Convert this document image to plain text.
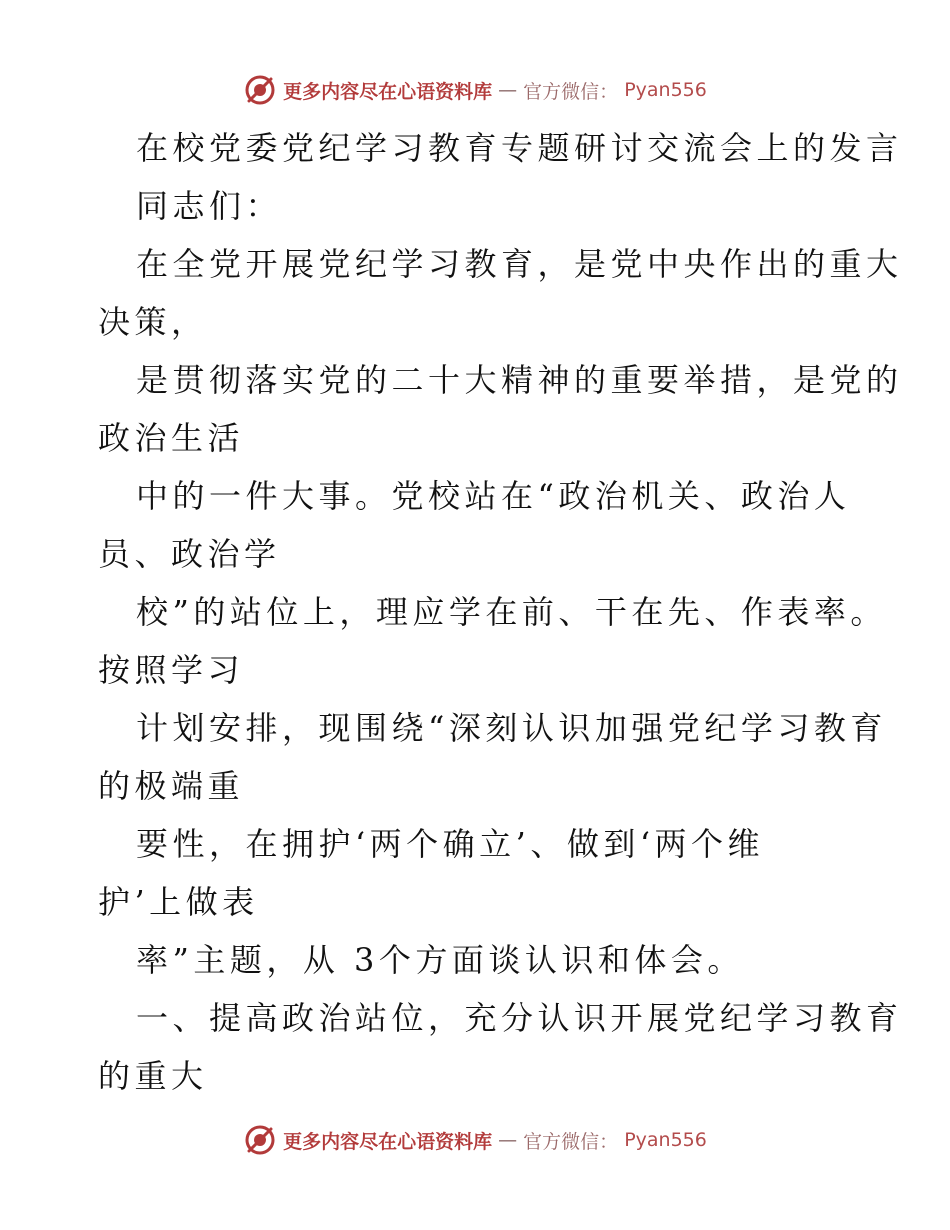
更多内容尽在心语资料库 — 官方微信： Pyan556
在校党委党纪学习教育专题研讨交流会上的发言
同志们：
在全党开展党纪学习教育，是党中央作出的重大
决策，
是贯彻落实党的二十大精神的重要举措，是党的
政治生活
中的一件大事。党校站在“政治机关、政治人
员、政治学
校”的站位上，理应学在前、干在先、作表率。
按照学习
计划安排，现围绕“深刻认识加强党纪学习教育
的极端重
要性，在拥护‘两个确立’、做到‘两个维
护’上做表
率”主题，从 3个方面谈认识和体会。
一、提高政治站位，充分认识开展党纪学习教育
的重大
更多内容尽在心语资料库 — 官方微信： Pyan556
